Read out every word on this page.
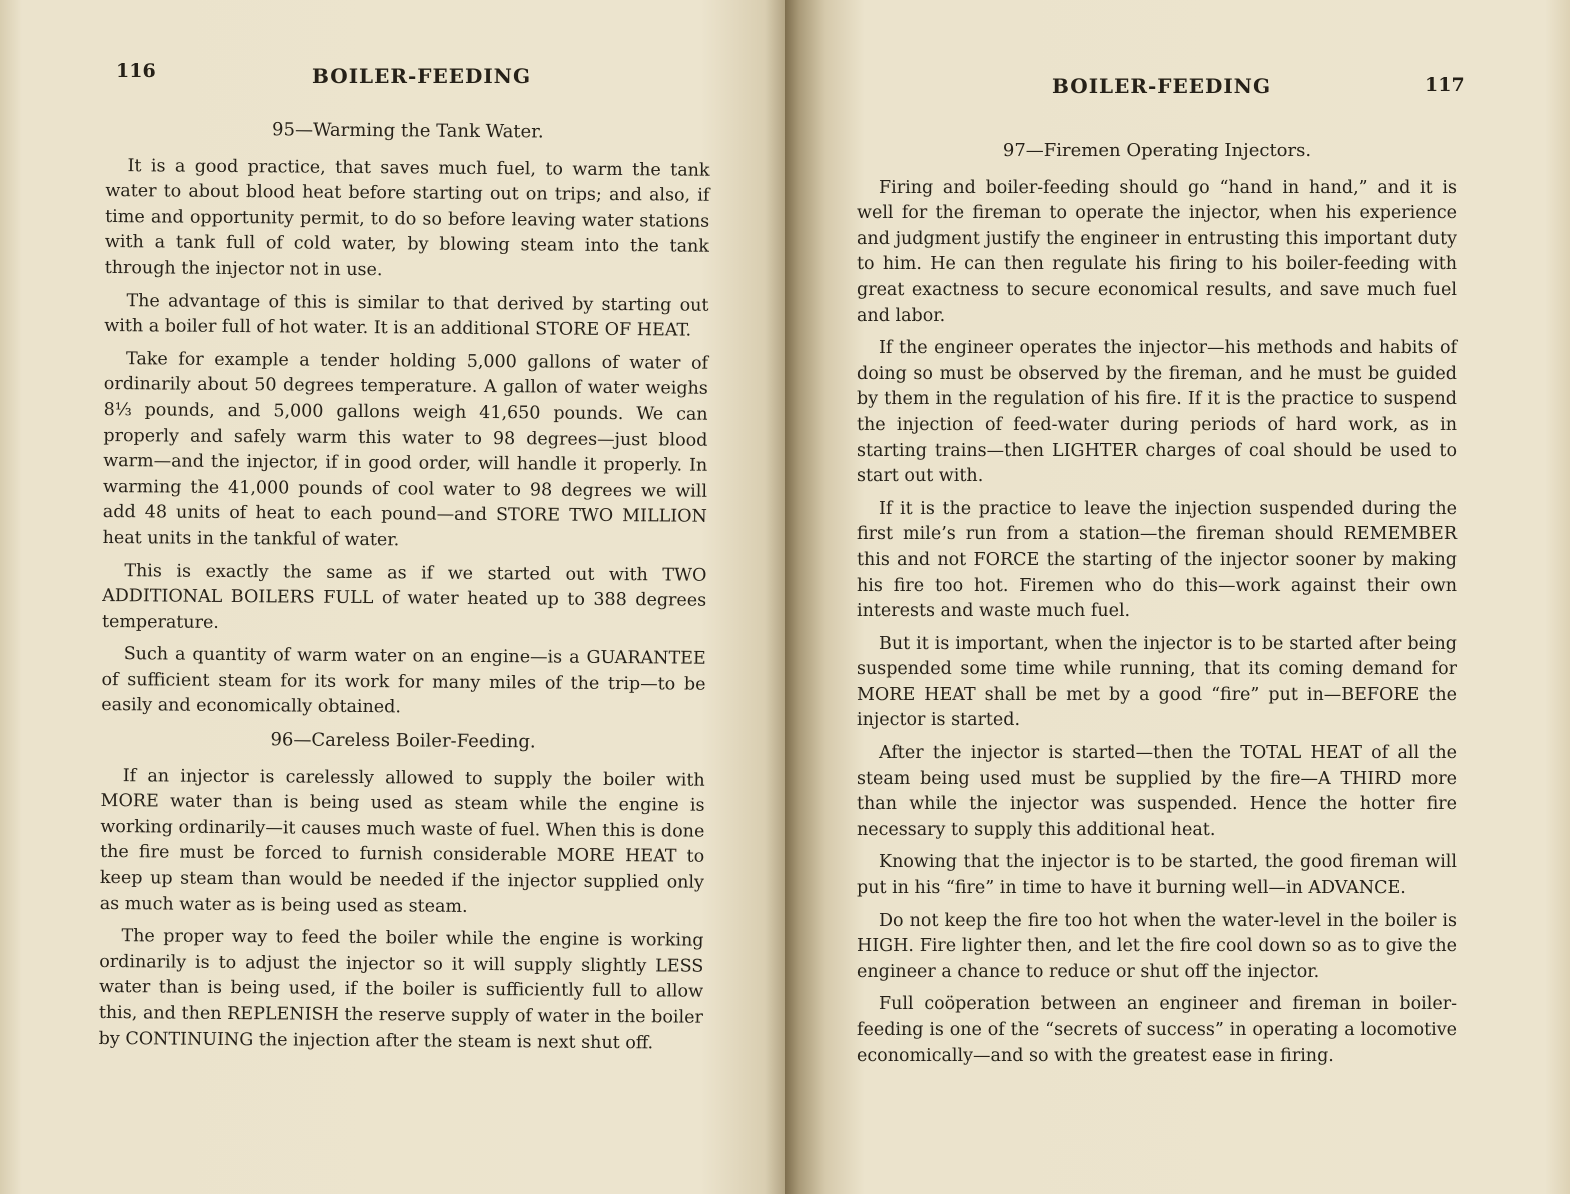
116	BOILER-FEEDING
95—Warming the Tank Water.

It is a good practice, that saves much fuel, to warm the tank water to about blood heat before starting out on trips; and also, if time and opportunity permit, to do so before leaving water stations with a tank full of cold water, by blowing steam into the tank through the injector not in use.

The advantage of this is similar to that derived by starting out with a boiler full of hot water. It is an additional STORE OF HEAT.

Take for example a tender holding 5,000 gallons of water of ordinarily about 50 degrees temperature. A gallon of water weighs 8⅓ pounds, and 5,000 gallons weigh 41,650 pounds. We can properly and safely warm this water to 98 degrees—just blood warm—and the injector, if in good order, will handle it properly. In warming the 41,000 pounds of cool water to 98 degrees we will add 48 units of heat to each pound—and STORE TWO MILLION heat units in the tankful of water.

This is exactly the same as if we started out with TWO ADDITIONAL BOILERS FULL of water heated up to 388 degrees temperature.

Such a quantity of warm water on an engine—is a GUARANTEE of sufficient steam for its work for many miles of the trip—to be easily and economically obtained.

96—Careless Boiler-Feeding.

If an injector is carelessly allowed to supply the boiler with MORE water than is being used as steam while the engine is working ordinarily—it causes much waste of fuel. When this is done the fire must be forced to furnish considerable MORE HEAT to keep up steam than would be needed if the injector supplied only as much water as is being used as steam.

The proper way to feed the boiler while the engine is working ordinarily is to adjust the injector so it will supply slightly LESS water than is being used, if the boiler is sufficiently full to allow this, and then REPLENISH the reserve supply of water in the boiler by CONTINUING the injection after the steam is next shut off.

BOILER-FEEDING	117
97—Firemen Operating Injectors.

Firing and boiler-feeding should go “hand in hand,” and it is well for the fireman to operate the injector, when his experience and judgment justify the engineer in entrusting this important duty to him. He can then regulate his firing to his boiler-feeding with great exactness to secure economical results, and save much fuel and labor.

If the engineer operates the injector—his methods and habits of doing so must be observed by the fireman, and he must be guided by them in the regulation of his fire. If it is the practice to suspend the injection of feed-water during periods of hard work, as in starting trains—then LIGHTER charges of coal should be used to start out with.

If it is the practice to leave the injection suspended during the first mile’s run from a station—the fireman should REMEMBER this and not FORCE the starting of the injector sooner by making his fire too hot. Firemen who do this—work against their own interests and waste much fuel.

But it is important, when the injector is to be started after being suspended some time while running, that its coming demand for MORE HEAT shall be met by a good “fire” put in—BEFORE the injector is started.

After the injector is started—then the TOTAL HEAT of all the steam being used must be supplied by the fire—A THIRD more than while the injector was suspended. Hence the hotter fire necessary to supply this additional heat.

Knowing that the injector is to be started, the good fireman will put in his “fire” in time to have it burning well—in ADVANCE.

Do not keep the fire too hot when the water-level in the boiler is HIGH. Fire lighter then, and let the fire cool down so as to give the engineer a chance to reduce or shut off the injector.

Full coöperation between an engineer and fireman in boiler-feeding is one of the “secrets of success” in operating a locomotive economically—and so with the greatest ease in firing.
